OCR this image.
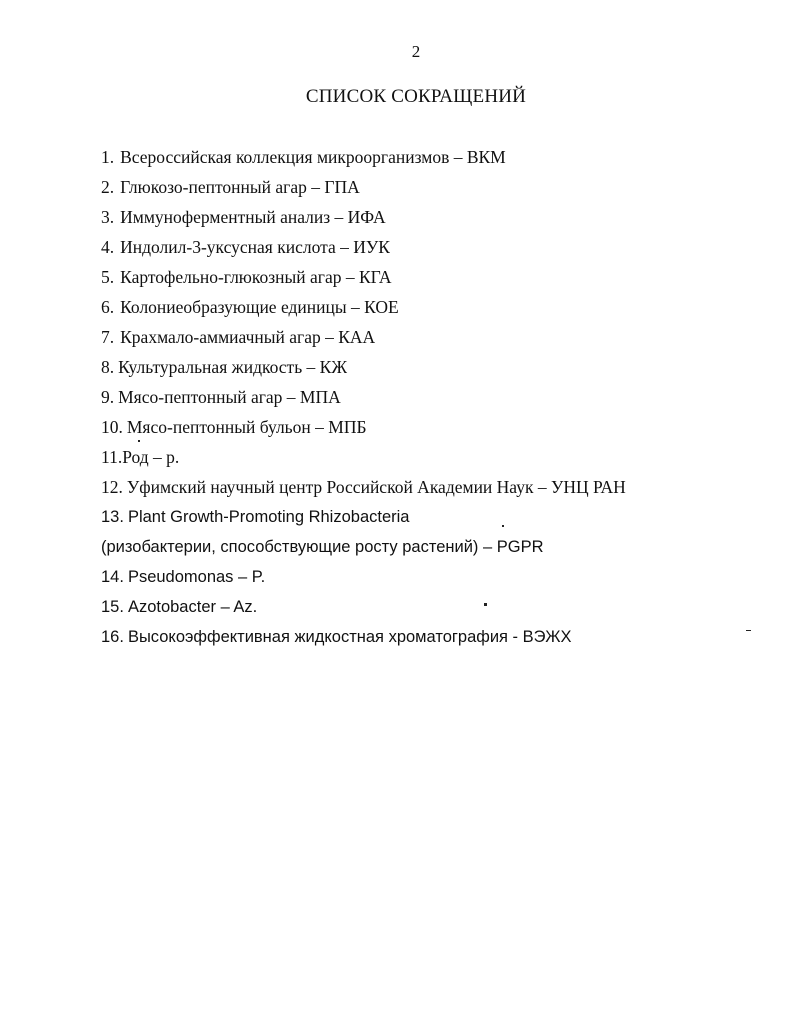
2
СПИСОК СОКРАЩЕНИЙ
1. Всероссийская коллекция микроорганизмов – ВКМ
2. Глюкозо-пептонный агар – ГПА
3. Иммуноферментный анализ – ИФА
4. Индолил-3-уксусная кислота – ИУК
5. Картофельно-глюкозный агар – КГА
6. Колониеобразующие единицы – КОЕ
7. Крахмало-аммиачный агар – КАА
8. Культуральная жидкость – КЖ
9. Мясо-пептонный агар – МПА
10. Мясо-пептонный бульон – МПБ
11.Род – р.
12. Уфимский научный центр Российской Академии Наук – УНЦ РАН
13. Plant Growth-Promoting Rhizobacteria
(ризобактерии, способствующие росту растений) – PGPR
14. Pseudomonas – P.
15. Azotobacter – Az.
16. Высокоэффективная жидкостная хроматография - ВЭЖХ
